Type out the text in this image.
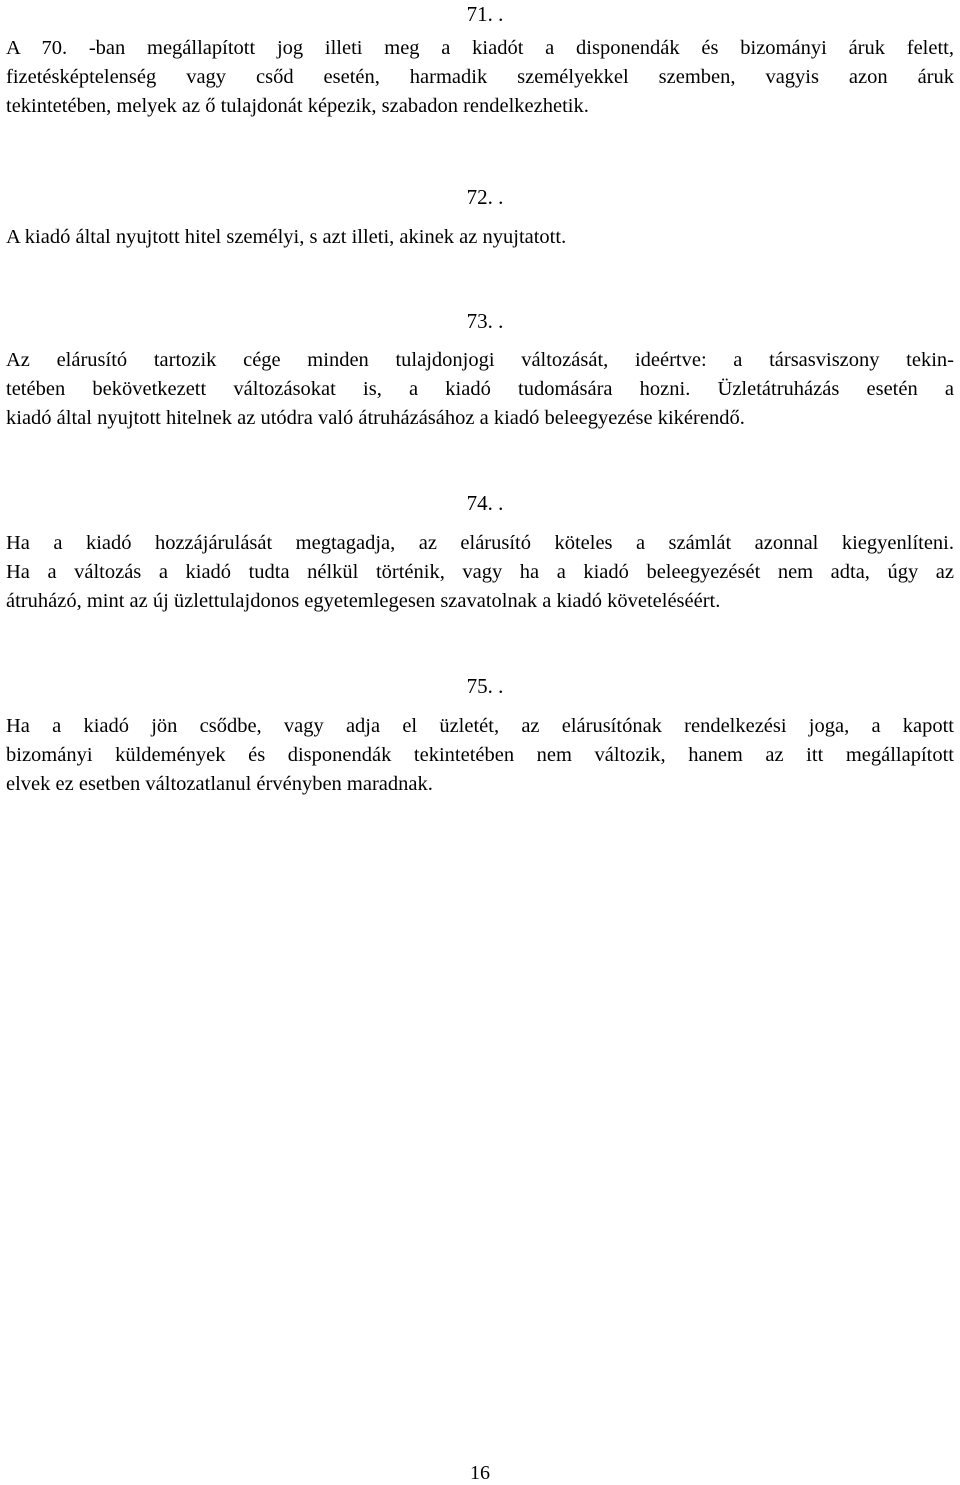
71. .
A 70. -ban megállapított jog illeti meg a kiadót a disponendák és bizományi áruk felett,
fizetésképtelenség vagy csőd esetén, harmadik személyekkel szemben, vagyis azon áruk
tekintetében, melyek az ő tulajdonát képezik, szabadon rendelkezhetik.
72. .
A kiadó által nyujtott hitel személyi, s azt illeti, akinek az nyujtatott.
73. .
Az elárusító tartozik cége minden tulajdonjogi változását, ideértve: a társasviszony tekin-
tetében bekövetkezett változásokat is, a kiadó tudomására hozni. Üzletátruházás esetén a
kiadó által nyujtott hitelnek az utódra való átruházásához a kiadó beleegyezése kikérendő.
74. .
Ha a kiadó hozzájárulását megtagadja, az elárusító köteles a számlát azonnal kiegyenlíteni.
Ha a változás a kiadó tudta nélkül történik, vagy ha a kiadó beleegyezését nem adta, úgy az
átruházó, mint az új üzlettulajdonos egyetemlegesen szavatolnak a kiadó követeléséért.
75. .
Ha a kiadó jön csődbe, vagy adja el üzletét, az elárusítónak rendelkezési joga, a kapott
bizományi küldemények és disponendák tekintetében nem változik, hanem az itt megállapított
elvek ez esetben változatlanul érvényben maradnak.
16
